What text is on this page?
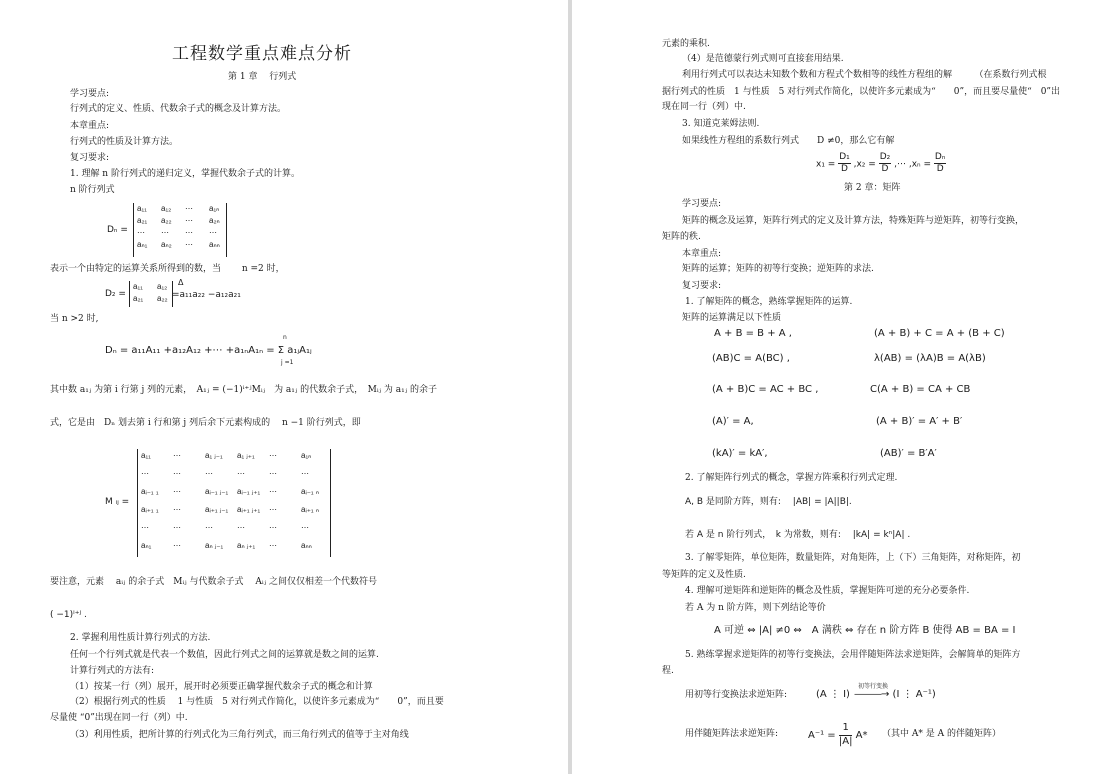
工程数学重点难点分析
第 1 章　 行列式
学习要点:
行列式的定义、性质、代数余子式的概念及计算方法。
本章重点:
行列式的性质及计算方法。
复习要求:
1. 理解 n 阶行列式的递归定义，掌握代数余子式的计算。
n 阶行列式
Dₙ =
a₁₁ a₁₂ ⋯ a₁ₙ
a₂₁ a₂₂ ⋯ a₂ₙ
⋯ ⋯ ⋯ ⋯
aₙ₁ aₙ₂ ⋯ aₙₙ
表示一个由特定的运算关系所得到的数，当　　 n =2 时，
D₂ =
a₁₁ a₁₂
a₂₁ a₂₂
Δ
=a₁₁a₂₂ −a₁₂a₂₁
当 n >2 时,
n
Dₙ = a₁₁A₁₁ +a₁₂A₁₂ +⋯ +a₁ₙA₁ₙ = Σ a₁ⱼA₁ⱼ
j =1
其中数 a₁ⱼ 为第 i 行第 j 列的元素，　A₁ⱼ = (−1)ⁱ⁺ʲMᵢⱼ　为 a₁ⱼ 的代数余子式，　Mᵢⱼ 为 a₁ⱼ 的余子
式，它是由　Dₙ 划去第 i 行和第 j 列后余下元素构成的　 n −1 阶行列式，即
M ᵢⱼ =
a₁₁	⋯	a₁ ⱼ₋₁ a₁ ⱼ₊₁ ⋯	a₁ₙ
⋯	⋯	⋯	⋯	⋯	⋯
aᵢ₋₁ ₁ ⋯	aᵢ₋₁ ⱼ₋₁ aᵢ₋₁ ⱼ₊₁ ⋯	aᵢ₋₁ ₙ
aᵢ₊₁ ₁ ⋯	aᵢ₊₁ ⱼ₋₁ aᵢ₊₁ ⱼ₊₁ ⋯	aᵢ₊₁ ₙ
⋯	⋯	⋯	⋯	⋯	⋯
aₙ₁	⋯	aₙ ⱼ₋₁ aₙ ⱼ₊₁ ⋯	aₙₙ
要注意，元素　 aᵢⱼ 的余子式　Mᵢⱼ 与代数余子式　 Aᵢⱼ 之间仅仅相差一个代数符号
( −1)ⁱ⁺ʲ .
2. 掌握利用性质计算行列式的方法.
任何一个行列式就是代表一个数值，因此行列式之间的运算就是数之间的运算.
计算行列式的方法有:
（1）按某一行（列）展开，展开时必须要正确掌握代数余子式的概念和计算
（2）根据行列式的性质　 1 与性质　5 对行列式作简化，以使许多元素成为“　　0”，而且要
尽量使 “0”出现在同一行（列）中.
（3）利用性质，把所计算的行列式化为三角行列式，而三角行列式的值等于主对角线
元素的乘积.
（4）是范德蒙行列式则可直接套用结果.
利用行列式可以表达未知数个数和方程式个数相等的线性方程组的解　　　（在系数行列式根
据行列式的性质　1 与性质　5 对行列式作简化，以使许多元素成为“　　0”，而且要尽量使“　0”出
现在同一行（列）中.
3. 知道克莱姆法则.
如果线性方程组的系数行列式　　D ≠0，那么它有解
$x_1 = \frac{\text{D₁}}{D} ,x_2 = \frac{\text{D₂}}{D}$ ,⋯ $,x_n = \frac{\text{Dₙ}}{D}$
第 2 章：矩阵
学习要点:
矩阵的概念及运算，矩阵行列式的定义及计算方法，特殊矩阵与逆矩阵，初等行变换，
矩阵的秩.
本章重点:
矩阵的运算；矩阵的初等行变换；逆矩阵的求法.
复习要求:
1. 了解矩阵的概念，熟练掌握矩阵的运算.
矩阵的运算满足以下性质
A + B = B + A ,	(A + B) + C = A + (B + C)
(AB)C = A(BC) ,	λ(AB) = (λA)B = A(λB)
(A + B)C = AC + BC ,	C(A + B) = CA + CB
(A)′ = A,	(A + B)′ = A′ + B′
(kA)′ = kA′,	(AB)′ = B′A′
2. 了解矩阵行列式的概念，掌握方阵乘积行列式定理.
A, B 是同阶方阵，则有:　 |AB| = |A||B|.
若 A 是 n 阶行列式，　k 为常数，则有:　 |kA| = kⁿ|A| .
3. 了解零矩阵，单位矩阵，数量矩阵，对角矩阵，上（下）三角矩阵，对称矩阵，初
等矩阵的定义及性质.
4. 理解可逆矩阵和逆矩阵的概念及性质，掌握矩阵可逆的充分必要条件.
若 A 为 n 阶方阵，则下列结论等价
A 可逆 ⇔ |A| ≠0 ⇔　A 满秩 ⇔ 存在 n 阶方阵 B 使得 AB = BA = I
5. 熟练掌握求逆矩阵的初等行变换法，会用伴随矩阵法求逆矩阵，会解简单的矩阵方
程.
用初等行变换法求逆矩阵:	(A ⋮ I)
初等行变换
———→ (I ⋮ A⁻¹)
用伴随矩阵法求逆矩阵:	$A^{-1} = \frac{1}{|A|} A*$ （其中 A* 是 A 的伴随矩阵）
